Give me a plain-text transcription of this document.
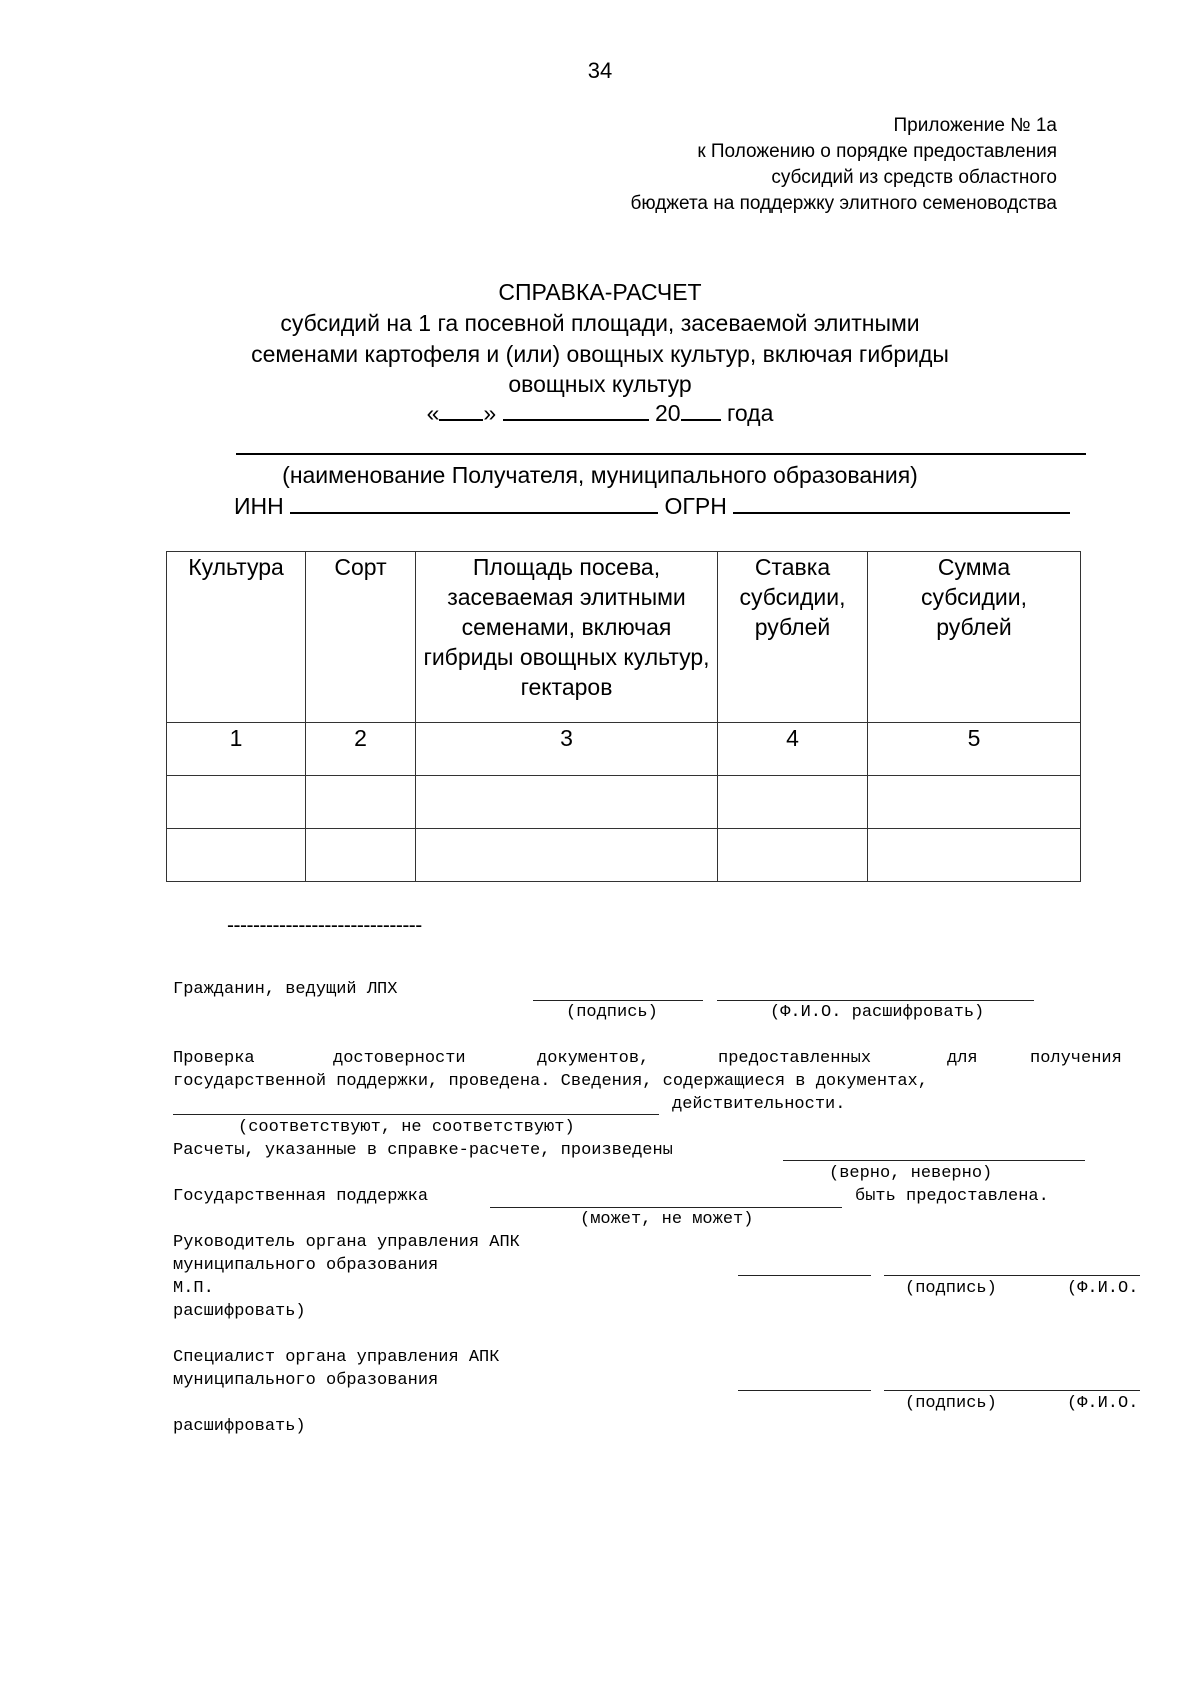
34
Приложение № 1а
к Положению о порядке предоставления
субсидий из средств областного
бюджета на поддержку элитного семеноводства
СПРАВКА-РАСЧЕТ
субсидий на 1 га посевной площади, засеваемой элитными
семенами картофеля и (или) овощных культур, включая гибриды
овощных культур
« »	20 года
(наименование Получателя, муниципального образования)
ИНН	ОГРН
Культура	Сорт	Площадь посева, засеваемая элитными семенами, включая гибриды овощных культур, гектаров	Ставка субсидии, рублей	Сумма субсидии, рублей
1	2	3	4	5

------------------------------
Гражданин, ведущий ЛПХ
(подпись)	(Ф.И.О. расшифровать)
Проверка	достоверности	документов,	предоставленных	для	получения
государственной поддержки, проведена. Сведения, содержащиеся в документах,
действительности.
(соответствуют, не соответствуют)
Расчеты, указанные в справке-расчете, произведены
(верно, неверно)
Государственная поддержка	быть предоставлена.
(может, не может)
Руководитель органа управления АПК
муниципального образования
М.П.	(подпись)	(Ф.И.О.
расшифровать)
Специалист органа управления АПК
муниципального образования
(подпись)	(Ф.И.О.
расшифровать)
